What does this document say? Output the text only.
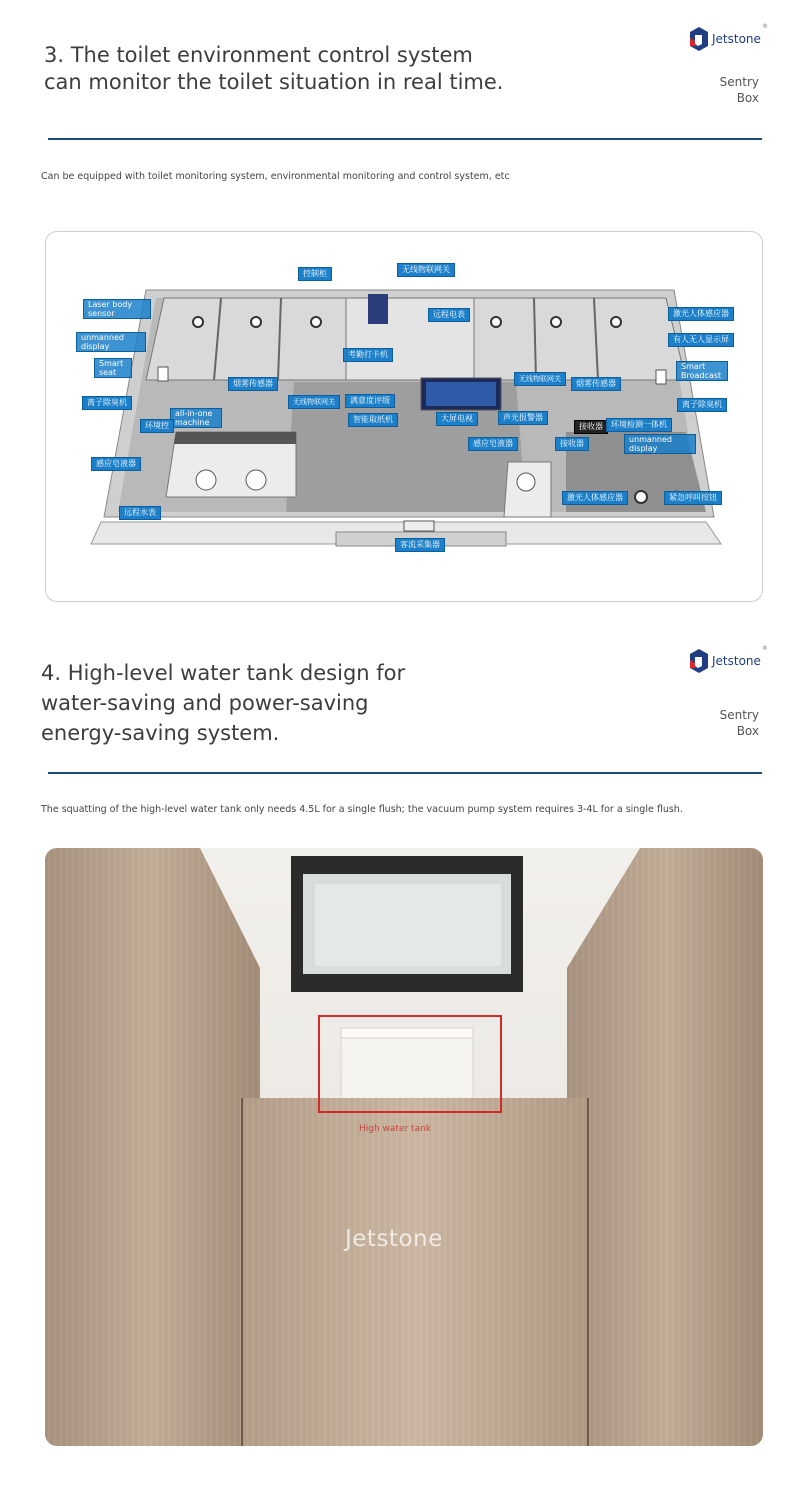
3. The toilet environment control system
can monitor the toilet situation in real time.
Jetstone
®
Sentry
Box
Can be equipped with toilet monitoring system, environmental monitoring and control system, etc
控制柜	无线物联网关
Laser body sensor
unmanned display
Smart seat
离子除臭机
all-in-one machine
环境控
感应皂液器
远程水表
远程电表
考勤打卡机
烟雾传感器
无线物联网关	满意度评级
智能取纸机	大屏电视	声光报警器
无线物联网关	烟雾传感器
接收器	环境检测一体机
感应皂液器	接收器
激光人体感应器
有人无人显示屏
Smart Broadcast
离子除臭机
unmanned display
激光人体感应器	紧急呼叫按钮
客流采集器
4. High-level water tank design for
water-saving and power-saving
energy-saving system.
Jetstone
®
Sentry
Box
The squatting of the high-level water tank only needs 4.5L for a single flush; the vacuum pump system requires 3-4L for a single flush.
High water tank
Jetstone
